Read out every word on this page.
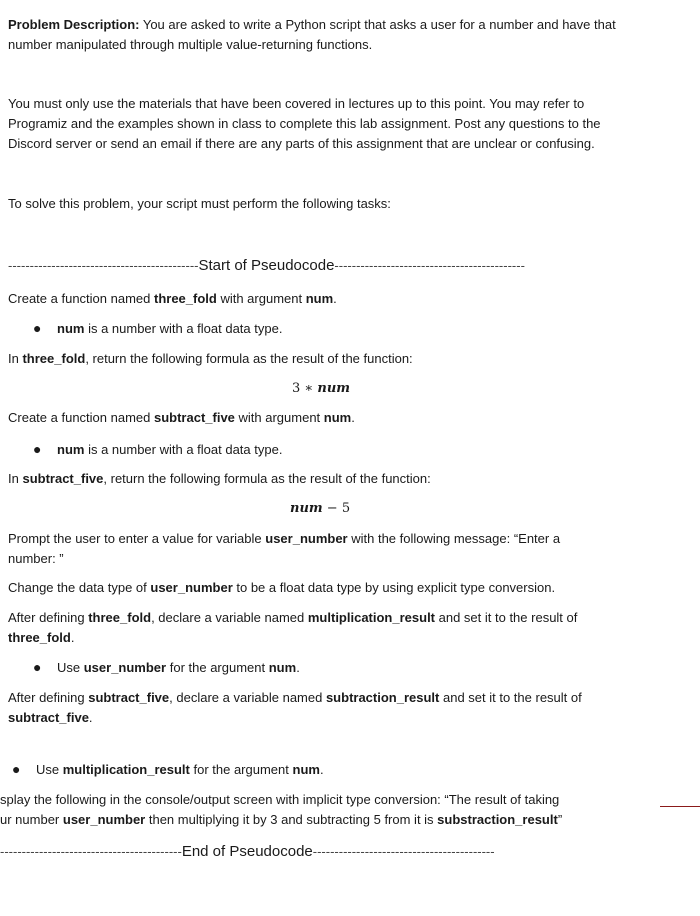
Problem Description: You are asked to write a Python script that asks a user for a number and have that
number manipulated through multiple value-returning functions.
You must only use the materials that have been covered in lectures up to this point. You may refer to
Programiz and the examples shown in class to complete this lab assignment. Post any questions to the
Discord server or send an email if there are any parts of this assignment that are unclear or confusing.
To solve this problem, your script must perform the following tasks:
--------------------------------------------Start of Pseudocode--------------------------------------------
Create a function named three_fold with argument num.
● num is a number with a float data type.
In three_fold, return the following formula as the result of the function:
3 ∗ num
Create a function named subtract_five with argument num.
● num is a number with a float data type.
In subtract_five, return the following formula as the result of the function:
num − 5
Prompt the user to enter a value for variable user_number with the following message: “Enter a
number: ”
Change the data type of user_number to be a float data type by using explicit type conversion.
After defining three_fold, declare a variable named multiplication_result and set it to the result of
three_fold.
● Use user_number for the argument num.
After defining subtract_five, declare a variable named subtraction_result and set it to the result of
subtract_five.
● Use multiplication_result for the argument num.
splay the following in the console/output screen with implicit type conversion: “The result of taking
ur number user_number then multiplying it by 3 and subtracting 5 from it is substraction_result”
------------------------------------------End of Pseudocode------------------------------------------
